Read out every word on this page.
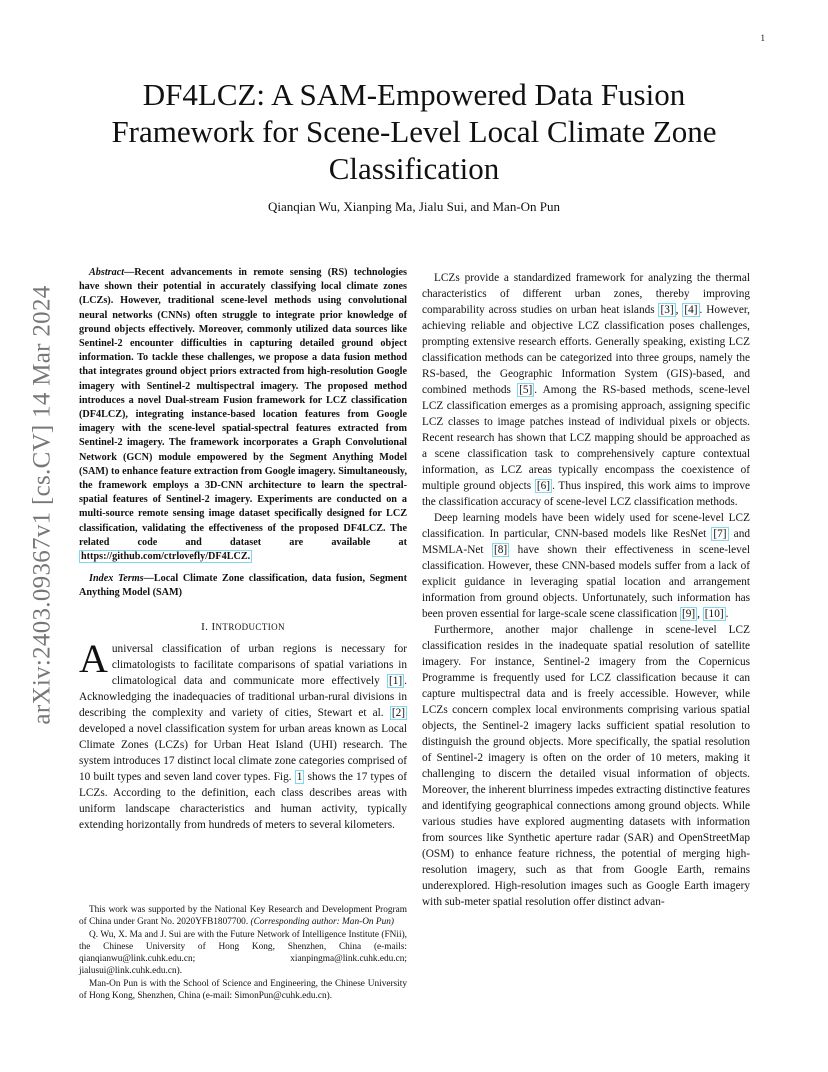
1
arXiv:2403.09367v1 [cs.CV] 14 Mar 2024
DF4LCZ: A SAM-Empowered Data Fusion
Framework for Scene-Level Local Climate Zone
Classification
Qianqian Wu, Xianping Ma, Jialu Sui, and Man-On Pun

Abstract—Recent advancements in remote sensing (RS) technologies have shown their potential in accurately classifying local climate zones (LCZs). However, traditional scene-level methods using convolutional neural networks (CNNs) often struggle to integrate prior knowledge of ground objects effectively. Moreover, commonly utilized data sources like Sentinel-2 encounter difficulties in capturing detailed ground object information. To tackle these challenges, we propose a data fusion method that integrates ground object priors extracted from high-resolution Google imagery with Sentinel-2 multispectral imagery. The proposed method introduces a novel Dual-stream Fusion framework for LCZ classification (DF4LCZ), integrating instance-based location features from Google imagery with the scene-level spatial-spectral features extracted from Sentinel-2 imagery. The framework incorporates a Graph Convolutional Network (GCN) module empowered by the Segment Anything Model (SAM) to enhance feature extraction from Google imagery. Simultaneously, the framework employs a 3D-CNN architecture to learn the spectral-spatial features of Sentinel-2 imagery. Experiments are conducted on a multi-source remote sensing image dataset specifically designed for LCZ classification, validating the effectiveness of the proposed DF4LCZ. The related code and dataset are available at https://github.com/ctrlovefly/DF4LCZ.

Index Terms—Local Climate Zone classification, data fusion, Segment Anything Model (SAM)

I. INTRODUCTION

A universal classification of urban regions is necessary for climatologists to facilitate comparisons of spatial variations in climatological data and communicate more effectively [1] . Acknowledging the inadequacies of traditional urban-rural divisions in describing the complexity and variety of cities, Stewart et al. [2] developed a novel classification system for urban areas known as Local Climate Zones (LCZs) for Urban Heat Island (UHI) research. The system introduces 17 distinct local climate zone categories comprised of 10 built types and seven land cover types. Fig. 1 shows the 17 types of LCZs. According to the definition, each class describes areas with uniform landscape characteristics and human activity, typically extending horizontally from hundreds of meters to several kilometers.

This work was supported by the National Key Research and Development Program of China under Grant No. 2020YFB1807700. (Corresponding author: Man-On Pun)

Q. Wu, X. Ma and J. Sui are with the Future Network of Intelligence Institute (FNii), the Chinese University of Hong Kong, Shenzhen, China (e-mails: qianqianwu@link.cuhk.edu.cn; xianpingma@link.cuhk.edu.cn; jialusui@link.cuhk.edu.cn).

Man-On Pun is with the School of Science and Engineering, the Chinese University of Hong Kong, Shenzhen, China (e-mail: SimonPun@cuhk.edu.cn).

LCZs provide a standardized framework for analyzing the thermal characteristics of different urban zones, thereby improving comparability across studies on urban heat islands [3] , [4] . However, achieving reliable and objective LCZ classification poses challenges, prompting extensive research efforts. Generally speaking, existing LCZ classification methods can be categorized into three groups, namely the RS-based, the Geographic Information System (GIS)-based, and combined methods [5] . Among the RS-based methods, scene-level LCZ classification emerges as a promising approach, assigning specific LCZ classes to image patches instead of individual pixels or objects. Recent research has shown that LCZ mapping should be approached as a scene classification task to comprehensively capture contextual information, as LCZ areas typically encompass the coexistence of multiple ground objects [6] . Thus inspired, this work aims to improve the classification accuracy of scene-level LCZ classification methods.

Deep learning models have been widely used for scene-level LCZ classification. In particular, CNN-based models like ResNet [7] and MSMLA-Net [8] have shown their effectiveness in scene-level classification. However, these CNN-based models suffer from a lack of explicit guidance in leveraging spatial location and arrangement information from ground objects. Unfortunately, such information has been proven essential for large-scale scene classification [9] , [10] .

Furthermore, another major challenge in scene-level LCZ classification resides in the inadequate spatial resolution of satellite imagery. For instance, Sentinel-2 imagery from the Copernicus Programme is frequently used for LCZ classification because it can capture multispectral data and is freely accessible. However, while LCZs concern complex local environments comprising various spatial objects, the Sentinel-2 imagery lacks sufficient spatial resolution to distinguish the ground objects. More specifically, the spatial resolution of Sentinel-2 imagery is often on the order of 10 meters, making it challenging to discern the detailed visual information of objects. Moreover, the inherent blurriness impedes extracting distinctive features and identifying geographical connections among ground objects. While various studies have explored augmenting datasets with information from sources like Synthetic aperture radar (SAR) and OpenStreetMap (OSM) to enhance feature richness, the potential of merging high-resolution imagery, such as that from Google Earth, remains underexplored. High-resolution images such as Google Earth imagery with sub-meter spatial resolution offer distinct advan-
